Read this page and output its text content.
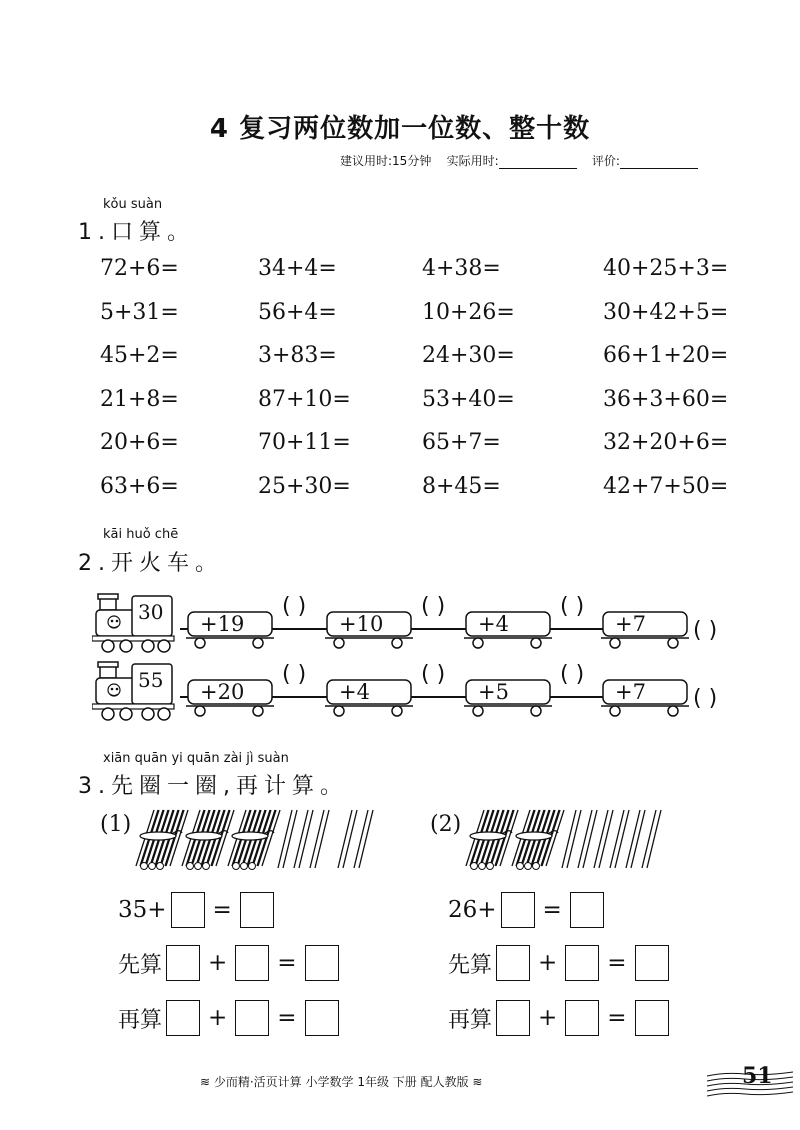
4 复习两位数加一位数、整十数
建议用时:15分钟 实际用时:	评价:
kǒu suàn
1.口算。
72+6=
5+31=
45+2=
21+8=
20+6=
63+6=
34+4=
56+4=
3+83=
87+10=
70+11=
25+30=
4+38=
10+26=
24+30=
53+40=
65+7=
8+45=
40+25+3=
30+42+5=
66+1+20=
36+3+60=
32+20+6=
42+7+50=
kāi huǒ chē
2.开火车。
30 +19
( )
+10
( )
+4
( )
+7 ( )
55 +20
( )
+4
( )
+5
( )
+7 ( )
xiān quān yi quān zài jì suàn
3.先圈一圈,再计算。
(1)
35+ =
先算 + =
再算 + =
(2)
26+ =
先算 + =
再算 + =
≋ 少而精·活页计算 小学数学 1年级 下册 配人教版 ≋	51
